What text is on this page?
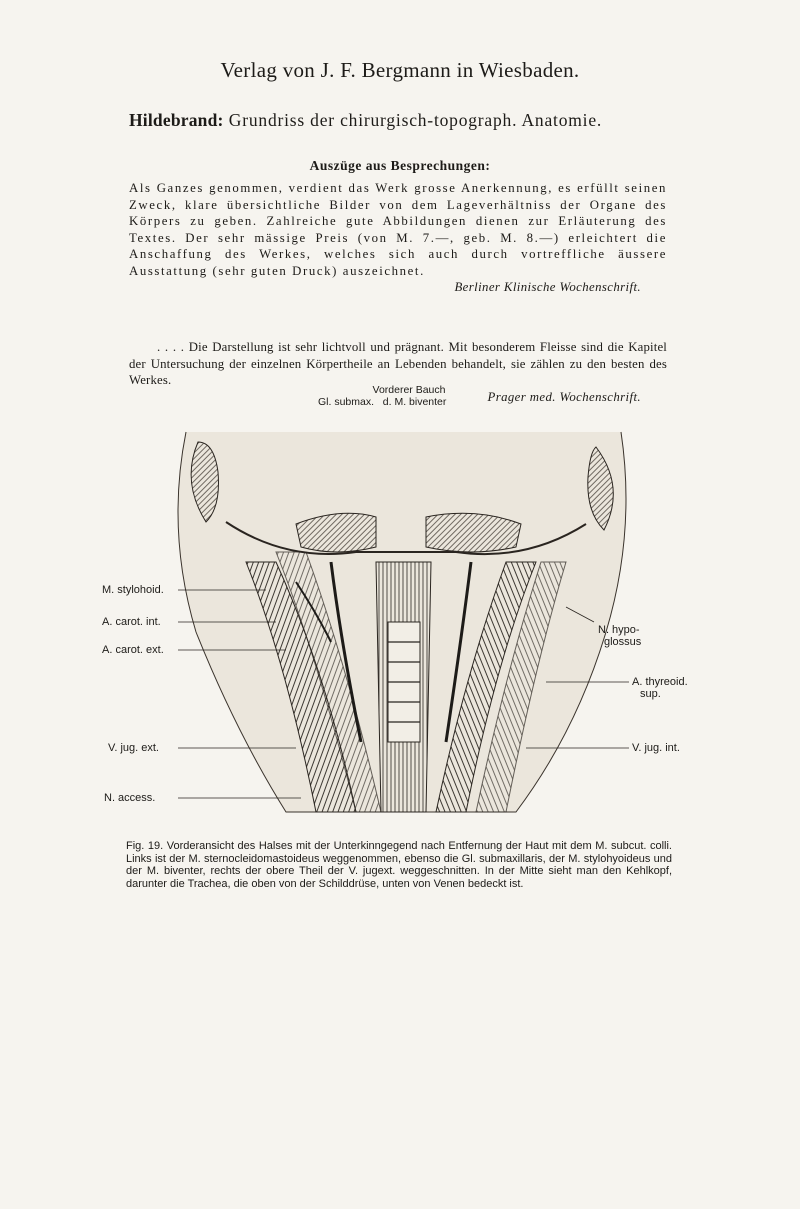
Verlag von J. F. Bergmann in Wiesbaden.
Hildebrand: Grundriss der chirurgisch-topograph. Anatomie.
Auszüge aus Besprechungen:
Als Ganzes genommen, verdient das Werk grosse Anerkennung, es erfüllt seinen Zweck, klare übersichtliche Bilder von dem Lageverhältniss der Organe des Körpers zu geben. Zahlreiche gute Abbildungen dienen zur Erläuterung des Textes. Der sehr mässige Preis (von M. 7.—, geb. M. 8.—) erleichtert die Anschaffung des Werkes, welches sich auch durch vortreffliche äussere Ausstattung (sehr guten Druck) auszeichnet.
Berliner Klinische Wochenschrift.
. . . . Die Darstellung ist sehr lichtvoll und prägnant. Mit besonderem Fleisse sind die Kapitel der Untersuchung der einzelnen Körpertheile an Lebenden behandelt, sie zählen zu den besten des Werkes.
Prager med. Wochenschrift.
Vorderer Bauch
Gl. submax.   d. M. biventer
M. stylohoid.
A. carot. int.
A. carot. ext.
V. jug. ext.
N. access.
N. hypo-
glossus
A. thyreoid.
sup.
V. jug. int.
Fig. 19. Vorderansicht des Halses mit der Unterkinngegend nach Entfernung der Haut mit dem M. subcut. colli. Links ist der M. sternocleidomastoideus weggenommen, ebenso die Gl. submaxillaris, der M. stylohyoideus und der M. biventer, rechts der obere Theil der V. jugext. weggeschnitten. In der Mitte sieht man den Kehlkopf, darunter die Trachea, die oben von der Schilddrüse, unten von Venen bedeckt ist.
